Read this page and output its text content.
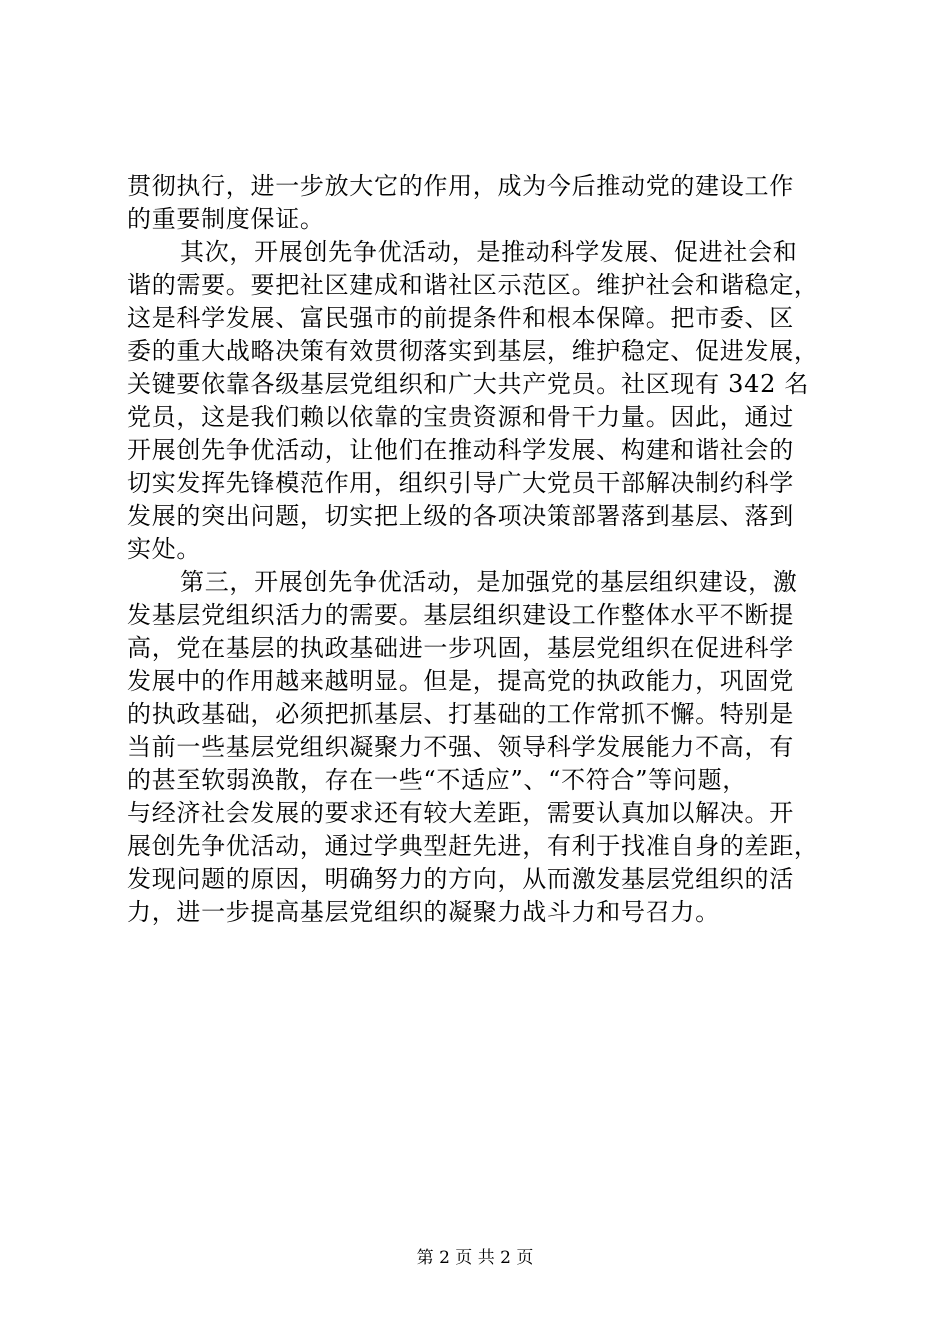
贯彻执行，进一步放大它的作用，成为今后推动党的建设工作
的重要制度保证。
其次，开展创先争优活动，是推动科学发展、促进社会和
谐的需要。要把社区建成和谐社区示范区。维护社会和谐稳定，
这是科学发展、富民强市的前提条件和根本保障。把市委、区
委的重大战略决策有效贯彻落实到基层，维护稳定、促进发展，
关键要依靠各级基层党组织和广大共产党员。社区现有 342 名
党员，这是我们赖以依靠的宝贵资源和骨干力量。因此，通过
开展创先争优活动，让他们在推动科学发展、构建和谐社会的
切实发挥先锋模范作用，组织引导广大党员干部解决制约科学
发展的突出问题，切实把上级的各项决策部署落到基层、落到
实处。
第三，开展创先争优活动，是加强党的基层组织建设，激
发基层党组织活力的需要。基层组织建设工作整体水平不断提
高，党在基层的执政基础进一步巩固，基层党组织在促进科学
发展中的作用越来越明显。但是，提高党的执政能力，巩固党
的执政基础，必须把抓基层、打基础的工作常抓不懈。特别是
当前一些基层党组织凝聚力不强、领导科学发展能力不高，有
的甚至软弱涣散，存在一些“不适应”、“不符合”等问题，
与经济社会发展的要求还有较大差距，需要认真加以解决。开
展创先争优活动，通过学典型赶先进，有利于找准自身的差距，
发现问题的原因，明确努力的方向，从而激发基层党组织的活
力，进一步提高基层党组织的凝聚力战斗力和号召力。
第 2 页 共 2 页
